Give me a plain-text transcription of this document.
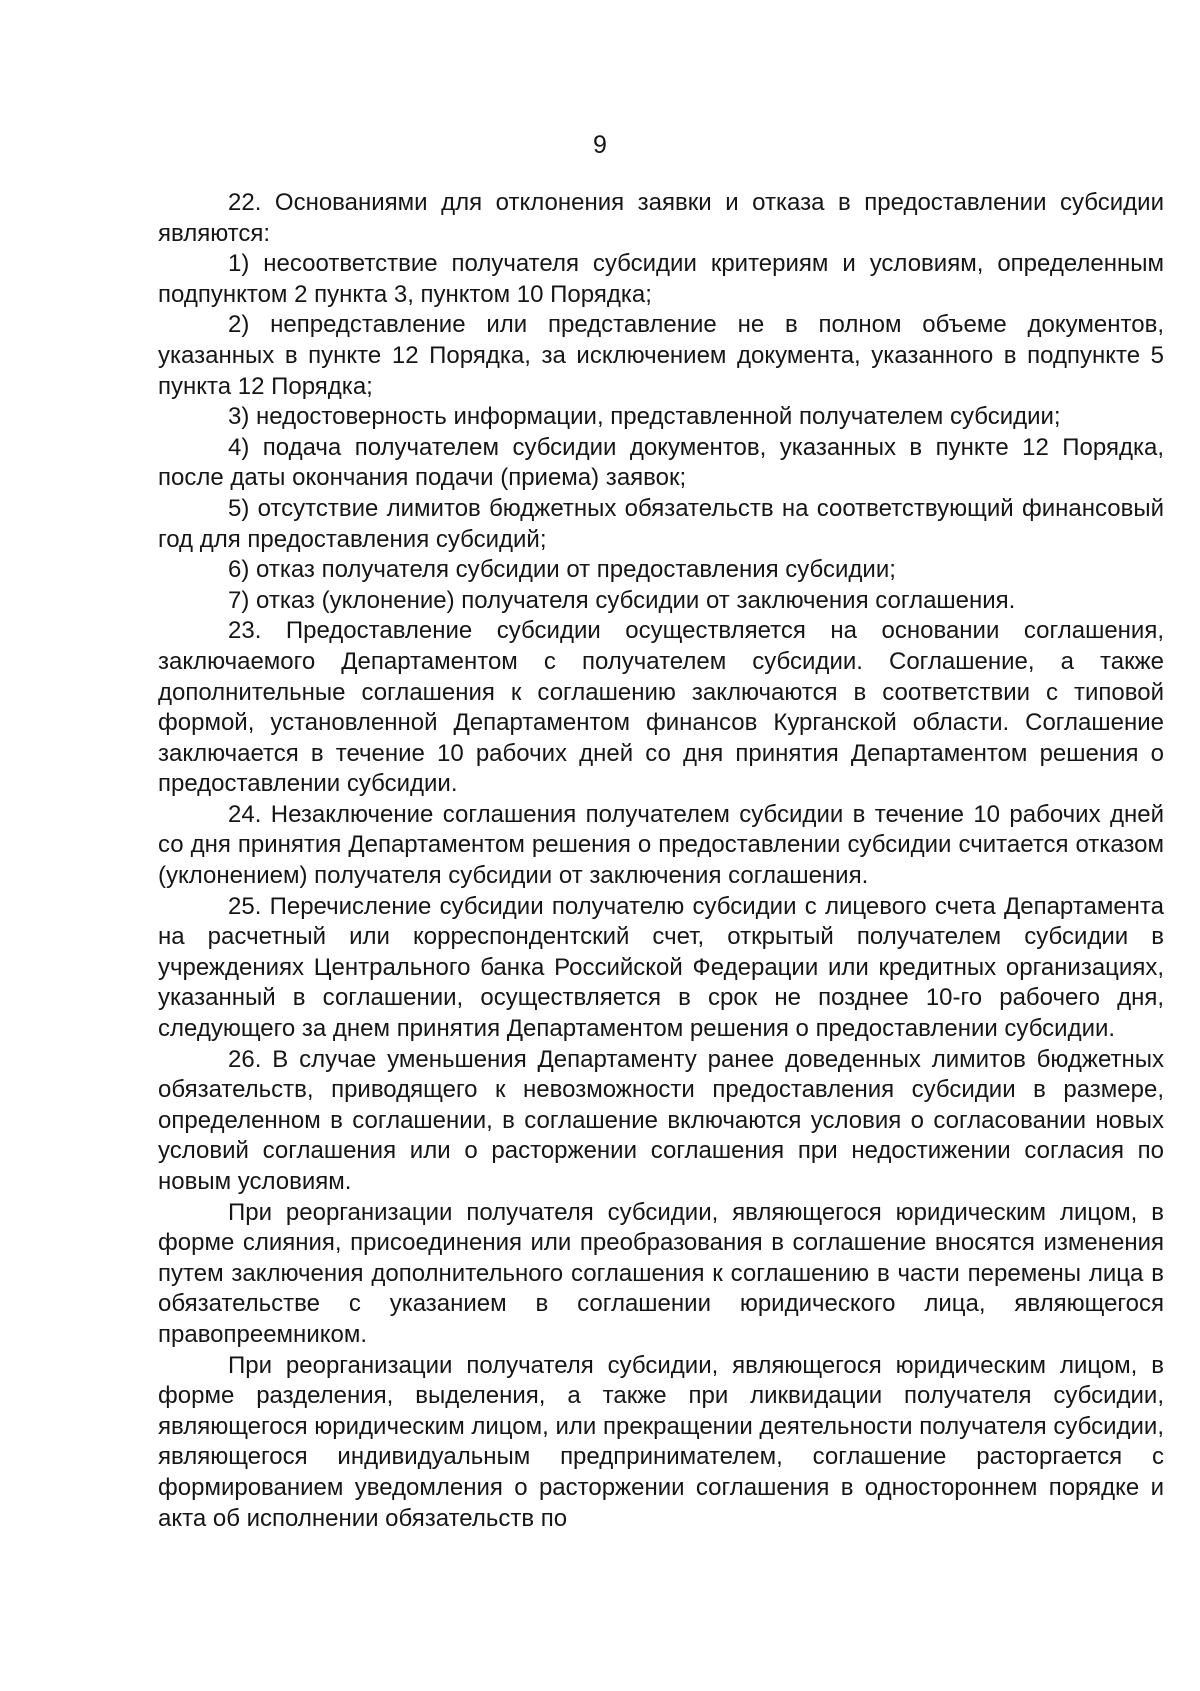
9

22. Основаниями для отклонения заявки и отказа в предоставлении субсидии являются:

1) несоответствие получателя субсидии критериям и условиям, определенным подпунктом 2 пункта 3, пунктом 10 Порядка;

2) непредставление или представление не в полном объеме документов, указанных в пункте 12 Порядка, за исключением документа, указанного в подпункте 5 пункта 12 Порядка;

3) недостоверность информации, представленной получателем субсидии;

4) подача получателем субсидии документов, указанных в пункте 12 Порядка, после даты окончания подачи (приема) заявок;

5) отсутствие лимитов бюджетных обязательств на соответствующий финансовый год для предоставления субсидий;

6) отказ получателя субсидии от предоставления субсидии;

7) отказ (уклонение) получателя субсидии от заключения соглашения.

23. Предоставление субсидии осуществляется на основании соглашения, заключаемого Департаментом с получателем субсидии. Соглашение, а также дополнительные соглашения к соглашению заключаются в соответствии с типовой формой, установленной Департаментом финансов Курганской области. Соглашение заключается в течение 10 рабочих дней со дня принятия Департаментом решения о предоставлении субсидии.

24. Незаключение соглашения получателем субсидии в течение 10 рабочих дней со дня принятия Департаментом решения о предоставлении субсидии считается отказом (уклонением) получателя субсидии от заключения соглашения.

25. Перечисление субсидии получателю субсидии с лицевого счета Департамента на расчетный или корреспондентский счет, открытый получателем субсидии в учреждениях Центрального банка Российской Федерации или кредитных организациях, указанный в соглашении, осуществляется в срок не позднее 10-го рабочего дня, следующего за днем принятия Департаментом решения о предоставлении субсидии.

26. В случае уменьшения Департаменту ранее доведенных лимитов бюджетных обязательств, приводящего к невозможности предоставления субсидии в размере, определенном в соглашении, в соглашение включаются условия о согласовании новых условий соглашения или о расторжении соглашения при недостижении согласия по новым условиям.

При реорганизации получателя субсидии, являющегося юридическим лицом, в форме слияния, присоединения или преобразования в соглашение вносятся изменения путем заключения дополнительного соглашения к соглашению в части перемены лица в обязательстве с указанием в соглашении юридического лица, являющегося правопреемником.

При реорганизации получателя субсидии, являющегося юридическим лицом, в форме разделения, выделения, а также при ликвидации получателя субсидии, являющегося юридическим лицом, или прекращении деятельности получателя субсидии, являющегося индивидуальным предпринимателем, соглашение расторгается с формированием уведомления о расторжении соглашения в одностороннем порядке и акта об исполнении обязательств по
